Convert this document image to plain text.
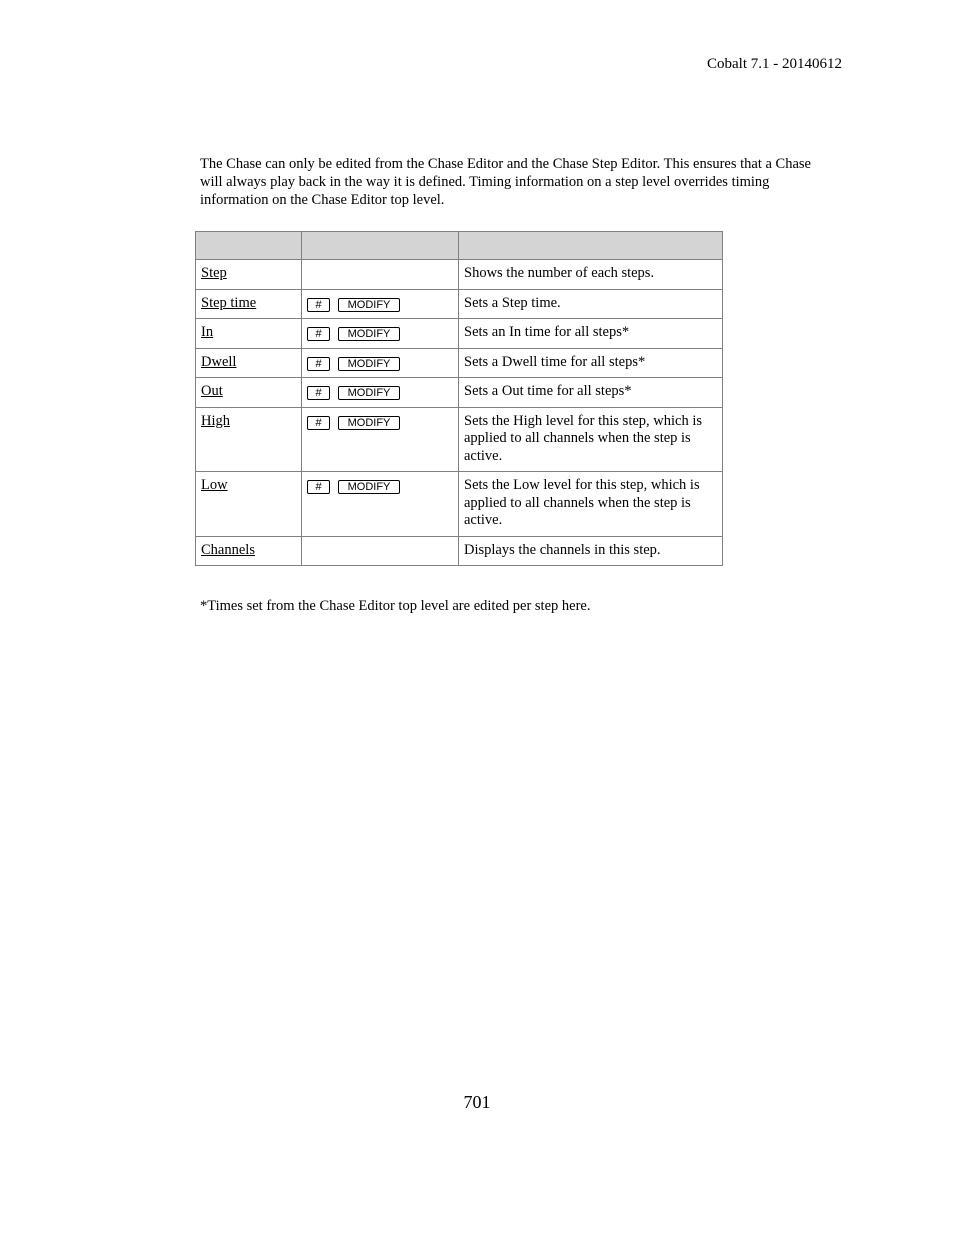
Cobalt 7.1 - 20140612

The Chase can only be edited from the Chase Editor and the Chase Step Editor. This ensures that a Chase will always play back in the way it is defined. Timing information on a step level overrides timing information on the Chase Editor top level.

Step		Shows the number of each steps.
Step time	# MODIFY	Sets a Step time.
In	# MODIFY	Sets an In time for all steps*
Dwell	# MODIFY	Sets a Dwell time for all steps*
Out	# MODIFY	Sets a Out time for all steps*
High	# MODIFY	Sets the High level for this step, which is applied to all channels when the step is active.
Low	# MODIFY	Sets the Low level for this step, which is applied to all channels when the step is active.
Channels		Displays the channels in this step.
*Times set from the Chase Editor top level are edited per step here.
701
